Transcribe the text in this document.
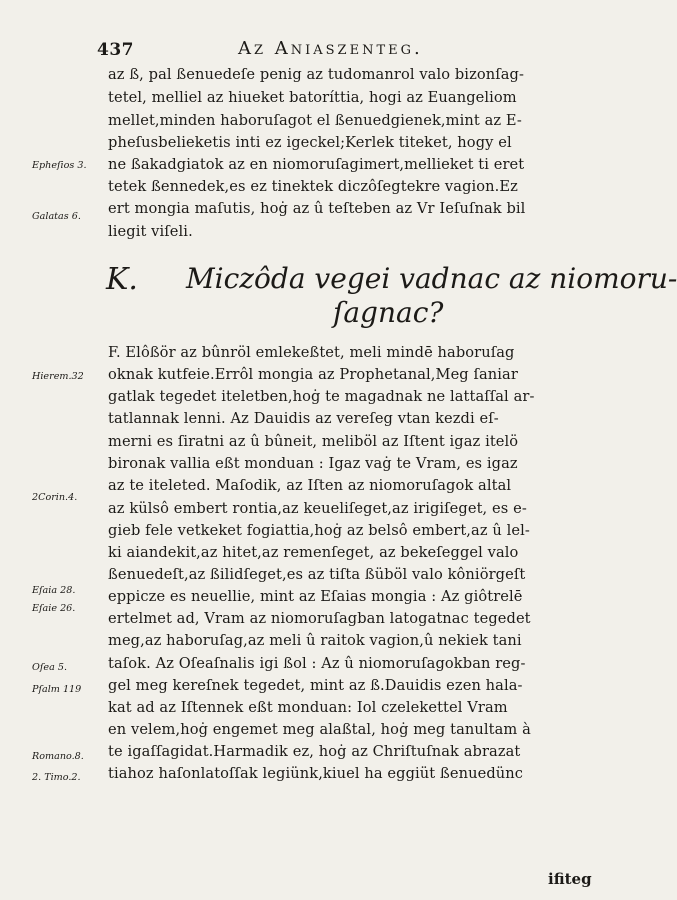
437	Az Aniaszenteg.
az ß, pal ßenuedeſe penig az tudomanrol valo bizonſag-
tetel, melliel az hiueket batoríttia, hogi az Euangeliom
mellet,minden haboruſagot el ßenuedgienek,mint az E-
pheſusbelieketis inti ez igeckel;Kerlek titeket, hogy el
ne ßakadgiatok az en niomoruſagimert,mellieket ti eret
tetek ßennedek,es ez tinektek diczôſegtekre vagion.Ez
ert mongia maſutis, hoġ az û teſteben az Vr Ieſuſnak bil
liegit viſeli.
K. Miczôda vegei vadnac az niomoru-
ſagnac?
F. Elôßör az bûnröl emlekeßtet, meli mindē haboruſag
oknak kutfeie.Errôl mongia az Prophetanal,Meg ſaniar
gatlak tegedet iteletben,hoġ te magadnak ne lattaſſal ar-
tatlannak lenni. Az Dauidis az vereſeg vtan kezdi eſ-
merni es ſiratni az û bûneit, meliböl az Iſtent igaz itelö
bironak vallia eßt monduan : Igaz vaġ te Vram, es igaz
az te iteleted. Maſodik, az Iſten az niomoruſagok altal
az külsô embert rontia,az keueliſeget,az irigiſeget, es e-
gieb fele vetkeket fogiattia,hoġ az belsô embert,az û lel-
ki aiandekit,az hitet,az remenſeget, az bekeſeggel valo
ßenuedeſt,az ßilidſeget,es az tiſta ßüböl valo kôniörgeſt
eppicze es neuellie, mint az Eſaias mongia : Az giôtrelē
ertelmet ad, Vram az niomoruſagban latogatnac tegedet
meg,az haboruſag,az meli û raitok vagion,û nekiek tani
taſok. Az Oſeaſnalis igi ßol : Az û niomoruſagokban reg-
gel meg kereſnek tegedet, mint az ß.Dauidis ezen hala-
kat ad az Iſtennek eßt monduan: Iol czelekettel Vram
en velem,hoġ engemet meg alaßtal, hoġ meg tanultam à
te igaſſagidat.Harmadik ez, hoġ az Chriſtuſnak abrazat
tiahoz haſonlatoſſak legiünk,kiuel ha eggiüt ßenuedünc
Epheſios 3.
Galatas 6.
Hierem.32
2Corin.4.
Eſaia 28.
Eſaie 26.
Oſea 5.
Pſalm 119
Romano.8.
2. Timo.2.
ifiteg
